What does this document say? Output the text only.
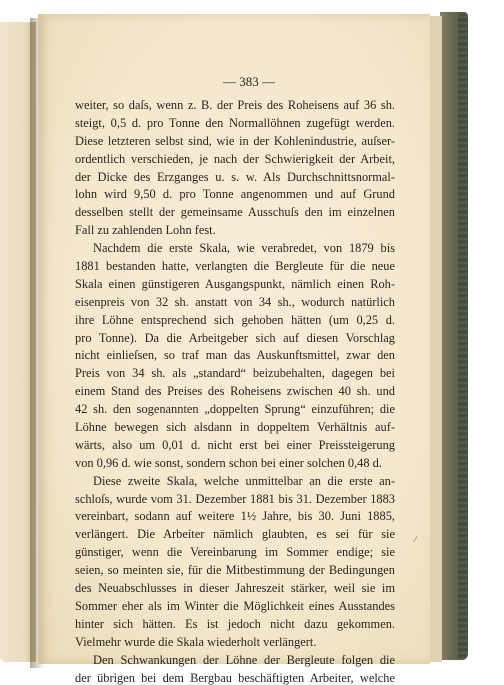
— 383 —
weiter, so daſs, wenn z. B. der Preis des Roheisens auf 36 sh.
steigt, 0,5 d. pro Tonne den Normallöhnen zugefügt werden.
Diese letzteren selbst sind, wie in der Kohlenindustrie, auſser-
ordentlich verschieden, je nach der Schwierigkeit der Arbeit,
der Dicke des Erzganges u. s. w. Als Durchschnittsnormal-
lohn wird 9,50 d. pro Tonne angenommen und auf Grund
desselben stellt der gemeinsame Ausschuſs den im einzelnen
Fall zu zahlenden Lohn fest.
Nachdem die erste Skala, wie verabredet, von 1879 bis
1881 bestanden hatte, verlangten die Bergleute für die neue
Skala einen günstigeren Ausgangspunkt, nämlich einen Roh-
eisenpreis von 32 sh. anstatt von 34 sh., wodurch natürlich
ihre Löhne entsprechend sich gehoben hätten (um 0,25 d.
pro Tonne). Da die Arbeitgeber sich auf diesen Vorschlag
nicht einlieſsen, so traf man das Auskunftsmittel, zwar den
Preis von 34 sh. als „standard“ beizubehalten, dagegen bei
einem Stand des Preises des Roheisens zwischen 40 sh. und
42 sh. den sogenannten „doppelten Sprung“ einzuführen; die
Löhne bewegen sich alsdann in doppeltem Verhältnis auf-
wärts, also um 0,01 d. nicht erst bei einer Preissteigerung
von 0,96 d. wie sonst, sondern schon bei einer solchen 0,48 d.
Diese zweite Skala, welche unmittelbar an die erste an-
schloſs, wurde vom 31. Dezember 1881 bis 31. Dezember 1883
vereinbart, sodann auf weitere 1½ Jahre, bis 30. Juni 1885,
verlängert. Die Arbeiter nämlich glaubten, es sei für sie
günstiger, wenn die Vereinbarung im Sommer endige; sie
seien, so meinten sie, für die Mitbestimmung der Bedingungen
des Neuabschlusses in dieser Jahreszeit stärker, weil sie im
Sommer eher als im Winter die Möglichkeit eines Ausstandes
hinter sich hätten. Es ist jedoch nicht dazu gekommen.
Vielmehr wurde die Skala wiederholt verlängert.
Den Schwankungen der Löhne der Bergleute folgen die
der übrigen bei dem Bergbau beschäftigten Arbeiter, welche
/
